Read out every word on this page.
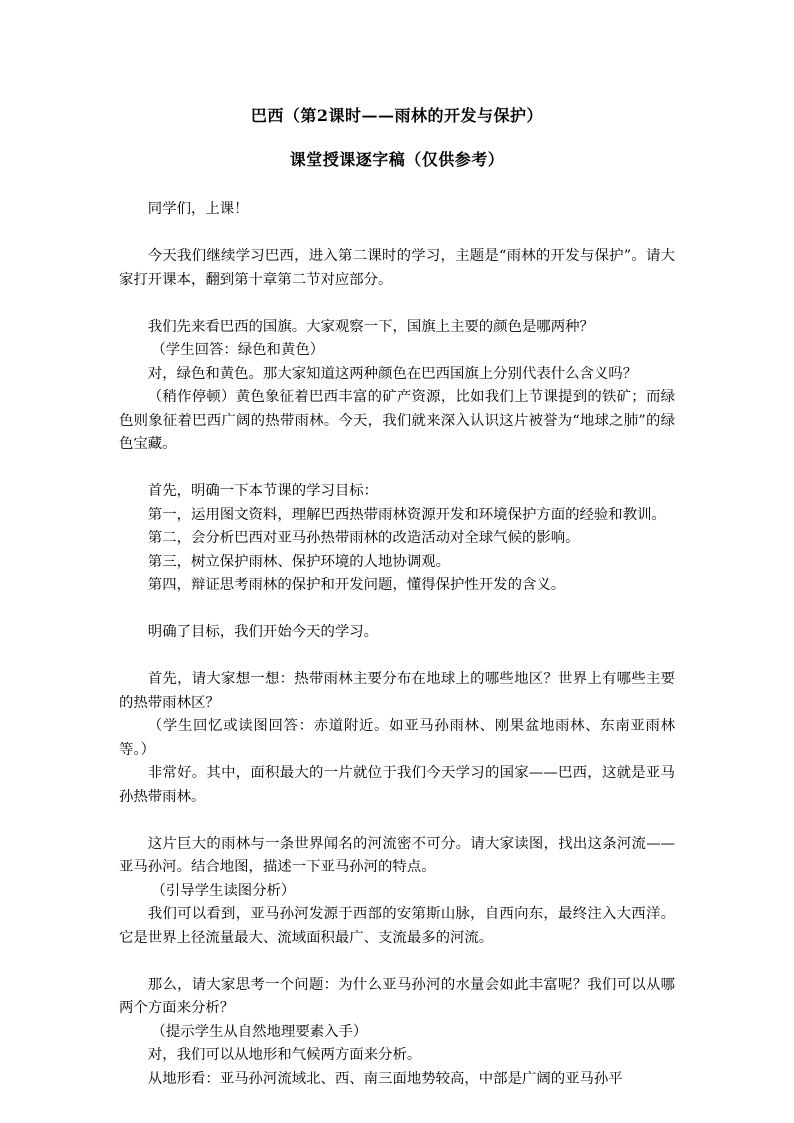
巴西（第2课时——雨林的开发与保护）
课堂授课逐字稿（仅供参考）

同学们，上课！

今天我们继续学习巴西，进入第二课时的学习，主题是“雨林的开发与保护”。请大家打开课本，翻到第十章第二节对应部分。

我们先来看巴西的国旗。大家观察一下，国旗上主要的颜色是哪两种？

（学生回答：绿色和黄色）

对，绿色和黄色。那大家知道这两种颜色在巴西国旗上分别代表什么含义吗？

（稍作停顿）黄色象征着巴西丰富的矿产资源，比如我们上节课提到的铁矿；而绿色则象征着巴西广阔的热带雨林。今天，我们就来深入认识这片被誉为“地球之肺”的绿色宝藏。

首先，明确一下本节课的学习目标：

第一，运用图文资料，理解巴西热带雨林资源开发和环境保护方面的经验和教训。

第二，会分析巴西对亚马孙热带雨林的改造活动对全球气候的影响。

第三，树立保护雨林、保护环境的人地协调观。

第四，辩证思考雨林的保护和开发问题，懂得保护性开发的含义。

明确了目标，我们开始今天的学习。

首先，请大家想一想：热带雨林主要分布在地球上的哪些地区？世界上有哪些主要的热带雨林区？

（学生回忆或读图回答：赤道附近。如亚马孙雨林、刚果盆地雨林、东南亚雨林等。）

非常好。其中，面积最大的一片就位于我们今天学习的国家——巴西，这就是亚马孙热带雨林。

这片巨大的雨林与一条世界闻名的河流密不可分。请大家读图，找出这条河流——亚马孙河。结合地图，描述一下亚马孙河的特点。

（引导学生读图分析）

我们可以看到，亚马孙河发源于西部的安第斯山脉，自西向东，最终注入大西洋。它是世界上径流量最大、流域面积最广、支流最多的河流。

那么，请大家思考一个问题：为什么亚马孙河的水量会如此丰富呢？我们可以从哪两个方面来分析？

（提示学生从自然地理要素入手）

对，我们可以从地形和气候两方面来分析。

从地形看：亚马孙河流域北、西、南三面地势较高，中部是广阔的亚马孙平
